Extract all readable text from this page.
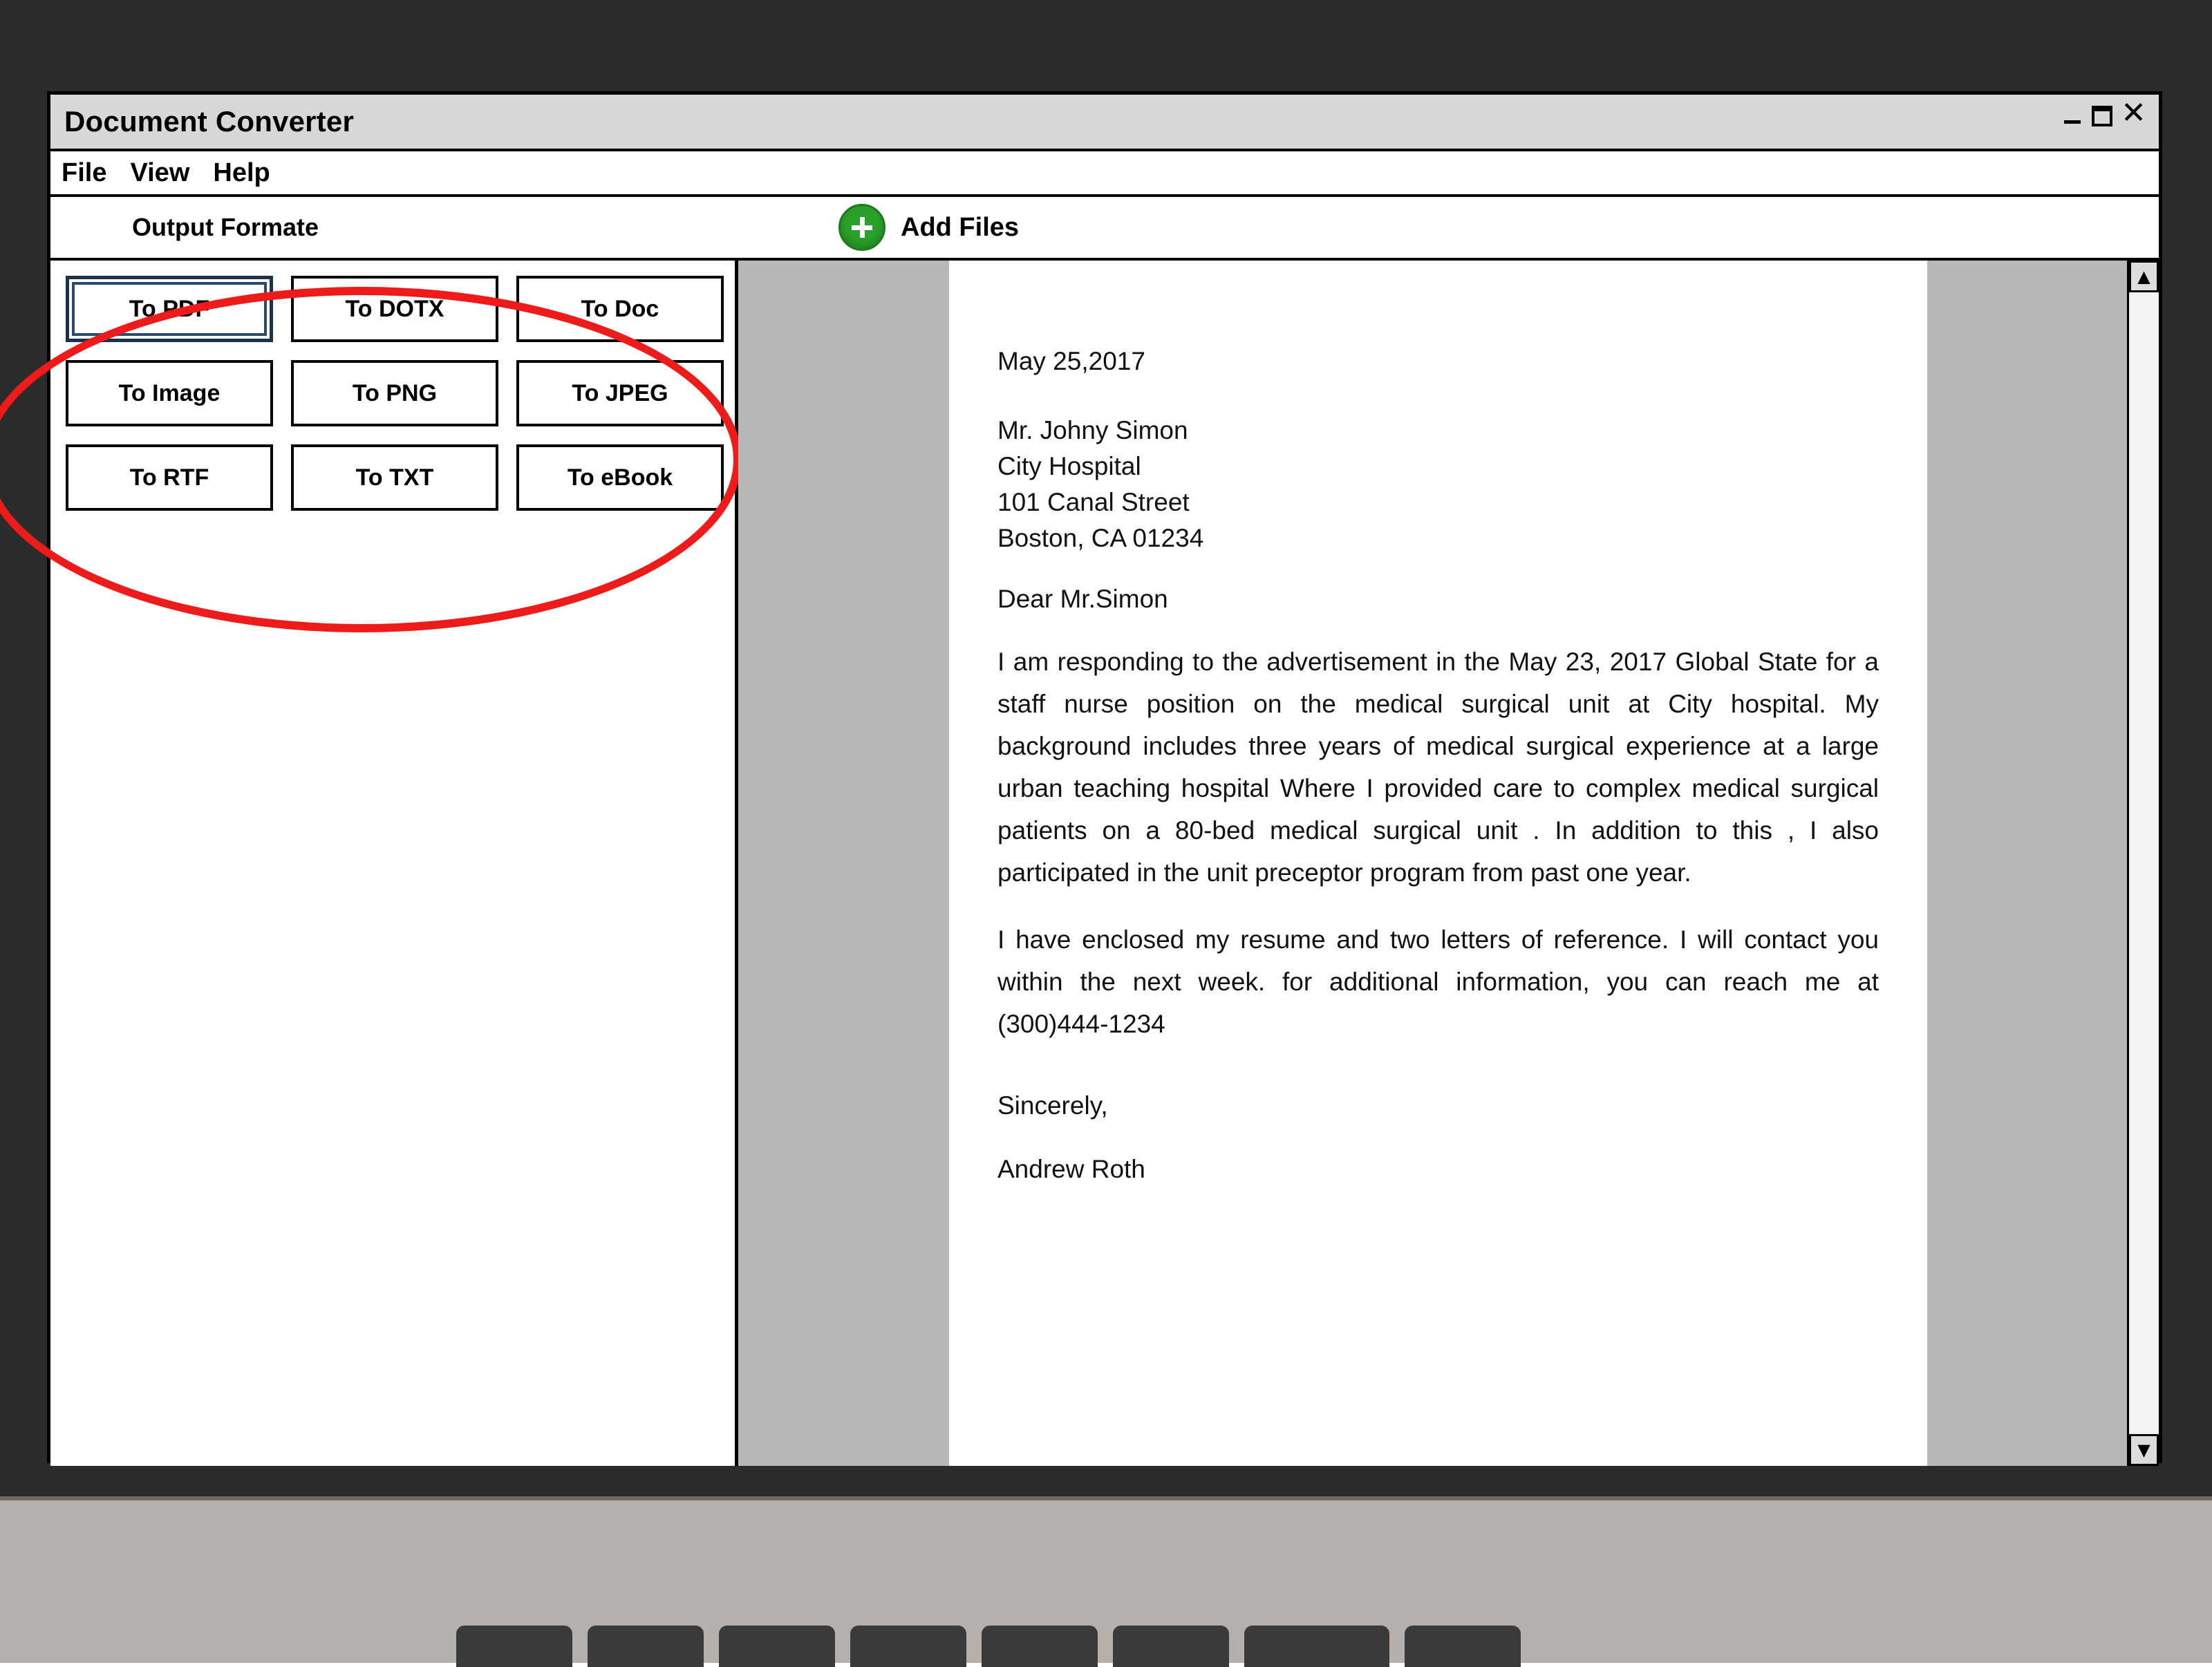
Document Converter	✕
File View Help
Output Formate	Add Files
To PDF	To DOTX	To Doc
To Image	To PNG	To JPEG
To RTF	To TXT	To eBook
May 25,2017
Mr. Johny Simon
City Hospital
101 Canal Street
Boston, CA 01234
Dear Mr.Simon
I am responding to the advertisement in the May 23, 2017 Global State for a staff nurse position on the medical surgical unit at City hospital. My background includes three years of medical surgical experience at a large urban teaching hospital Where I provided care to complex medical surgical patients on a 80-bed medical surgical unit . In addition to this , I also participated in the unit preceptor program from past one year.
I have enclosed my resume and two letters of reference. I will contact you within the next week. for additional information, you can reach me at (300)444-1234
Sincerely,
Andrew Roth
▲
▼
